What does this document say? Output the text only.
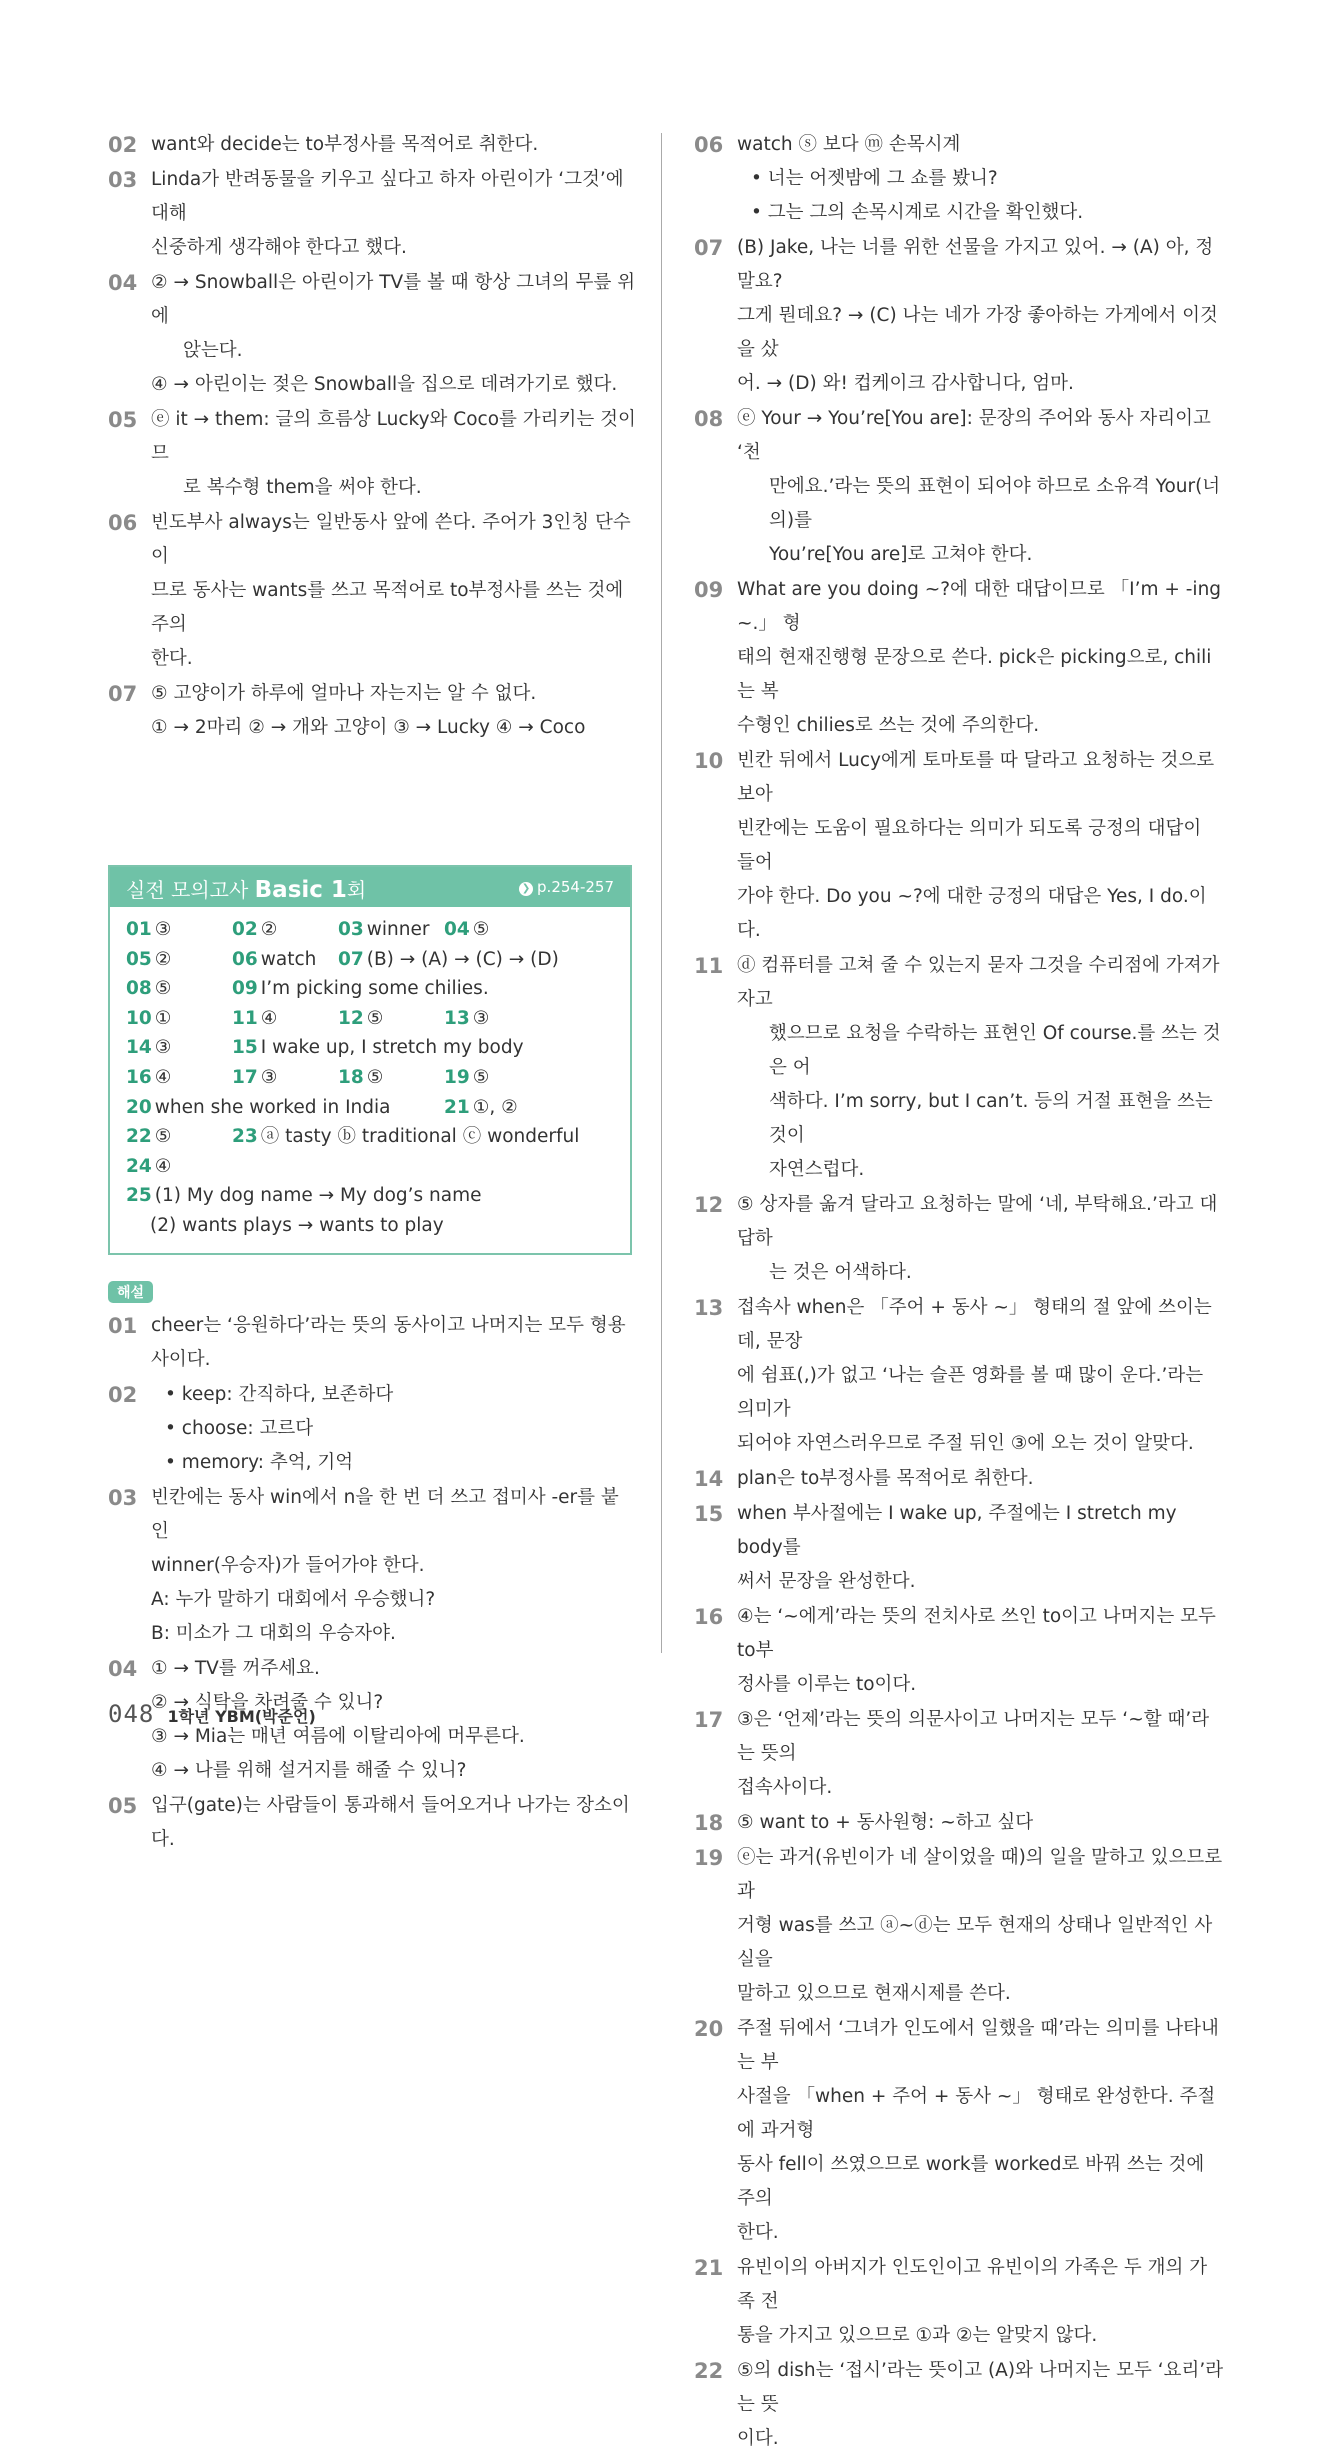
02 want와 decide는 to부정사를 목적어로 취한다.
03 Linda가 반려동물을 키우고 싶다고 하자 아린이가 ‘그것’에 대해
신중하게 생각해야 한다고 했다.
04 ② → Snowball은 아린이가 TV를 볼 때 항상 그녀의 무릎 위에
앉는다.
④ → 아린이는 젖은 Snowball을 집으로 데려가기로 했다.
05 ⓔ it → them: 글의 흐름상 Lucky와 Coco를 가리키는 것이므
로 복수형 them을 써야 한다.
06 빈도부사 always는 일반동사 앞에 쓴다. 주어가 3인칭 단수이
므로 동사는 wants를 쓰고 목적어로 to부정사를 쓰는 것에 주의
한다.
07 ⑤ 고양이가 하루에 얼마나 자는지는 알 수 없다.
① → 2마리 ② → 개와 고양이 ③ → Lucky ④ → Coco
실전 모의고사 Basic 1회	❯ p.254-257
01 ③	02 ②	03 winner 04 ⑤
05 ②	06 watch 07 (B) → (A) → (C) → (D)
08 ⑤	09 I’m picking some chilies.
10 ①	11 ④	12 ⑤	13 ③
14 ③	15 I wake up, I stretch my body
16 ④	17 ③	18 ⑤	19 ⑤
20 when she worked in India	21 ①, ②
22 ⑤	23 ⓐ tasty ⓑ traditional ⓒ wonderful
24 ④
25 (1) My dog name → My dog’s name
(2) wants plays → wants to play
해설
01 cheer는 ‘응원하다’라는 뜻의 동사이고 나머지는 모두 형용사이다.
02	• keep: 간직하다, 보존하다
• choose: 고르다
• memory: 추억, 기억
03 빈칸에는 동사 win에서 n을 한 번 더 쓰고 접미사 -er를 붙인
winner(우승자)가 들어가야 한다.
A: 누가 말하기 대회에서 우승했니?
B: 미소가 그 대회의 우승자야.
04 ① → TV를 꺼주세요.
② → 식탁을 차려줄 수 있니?
③ → Mia는 매년 여름에 이탈리아에 머무른다.
④ → 나를 위해 설거지를 해줄 수 있니?
05 입구(gate)는 사람들이 통과해서 들어오거나 나가는 장소이다.
06 watch ⓢ 보다 ⓜ 손목시계
• 너는 어젯밤에 그 쇼를 봤니?
• 그는 그의 손목시계로 시간을 확인했다.
07 (B) Jake, 나는 너를 위한 선물을 가지고 있어. → (A) 아, 정말요?
그게 뭔데요? → (C) 나는 네가 가장 좋아하는 가게에서 이것을 샀
어. → (D) 와! 컵케이크 감사합니다, 엄마.
08 ⓔ Your → You’re[You are]: 문장의 주어와 동사 자리이고 ‘천
만에요.’라는 뜻의 표현이 되어야 하므로 소유격 Your(너의)를
You’re[You are]로 고쳐야 한다.
09 What are you doing ~?에 대한 대답이므로 「I’m + -ing ~.」 형
태의 현재진행형 문장으로 쓴다. pick은 picking으로, chili는 복
수형인 chilies로 쓰는 것에 주의한다.
10 빈칸 뒤에서 Lucy에게 토마토를 따 달라고 요청하는 것으로 보아
빈칸에는 도움이 필요하다는 의미가 되도록 긍정의 대답이 들어
가야 한다. Do you ~?에 대한 긍정의 대답은 Yes, I do.이다.
11 ⓓ 컴퓨터를 고쳐 줄 수 있는지 묻자 그것을 수리점에 가져가자고
했으므로 요청을 수락하는 표현인 Of course.를 쓰는 것은 어
색하다. I’m sorry, but I can’t. 등의 거절 표현을 쓰는 것이
자연스럽다.
12 ⑤ 상자를 옮겨 달라고 요청하는 말에 ‘네, 부탁해요.’라고 대답하
는 것은 어색하다.
13 접속사 when은 「주어 + 동사 ~」 형태의 절 앞에 쓰이는데, 문장
에 쉼표(,)가 없고 ‘나는 슬픈 영화를 볼 때 많이 운다.’라는 의미가
되어야 자연스러우므로 주절 뒤인 ③에 오는 것이 알맞다.
14 plan은 to부정사를 목적어로 취한다.
15 when 부사절에는 I wake up, 주절에는 I stretch my body를
써서 문장을 완성한다.
16 ④는 ‘~에게’라는 뜻의 전치사로 쓰인 to이고 나머지는 모두 to부
정사를 이루는 to이다.
17 ③은 ‘언제’라는 뜻의 의문사이고 나머지는 모두 ‘~할 때’라는 뜻의
접속사이다.
18 ⑤ want to + 동사원형: ~하고 싶다
19 ⓔ는 과거(유빈이가 네 살이었을 때)의 일을 말하고 있으므로 과
거형 was를 쓰고 ⓐ~ⓓ는 모두 현재의 상태나 일반적인 사실을
말하고 있으므로 현재시제를 쓴다.
20 주절 뒤에서 ‘그녀가 인도에서 일했을 때’라는 의미를 나타내는 부
사절을 「when + 주어 + 동사 ~」 형태로 완성한다. 주절에 과거형
동사 fell이 쓰였으므로 work를 worked로 바꿔 쓰는 것에 주의
한다.
21 유빈이의 아버지가 인도인이고 유빈이의 가족은 두 개의 가족 전
통을 가지고 있으므로 ①과 ②는 알맞지 않다.
22 ⑤의 dish는 ‘접시’라는 뜻이고 (A)와 나머지는 모두 ‘요리’라는 뜻
이다.
048 1학년 YBM(박준언)
